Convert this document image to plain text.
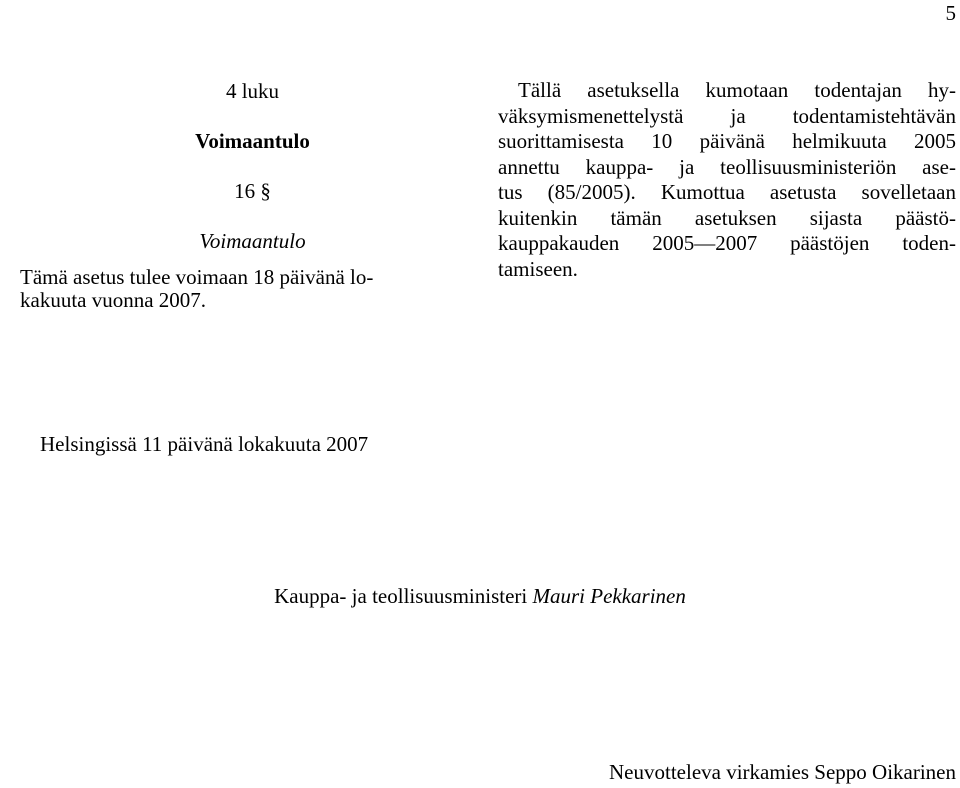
5
4 luku
Voimaantulo
16 §
Voimaantulo
Tämä asetus tulee voimaan 18 päivänä lo-
kakuuta vuonna 2007.
Tällä asetuksella kumotaan todentajan hy-
väksymismenettelystä ja todentamistehtävän
suorittamisesta 10 päivänä helmikuuta 2005
annettu kauppa- ja teollisuusministeriön ase-
tus (85/2005). Kumottua asetusta sovelletaan
kuitenkin tämän asetuksen sijasta päästö-
kauppakauden 2005—2007 päästöjen toden-
tamiseen.
Helsingissä 11 päivänä lokakuuta 2007
Kauppa- ja teollisuusministeri Mauri Pekkarinen
Neuvotteleva virkamies Seppo Oikarinen
